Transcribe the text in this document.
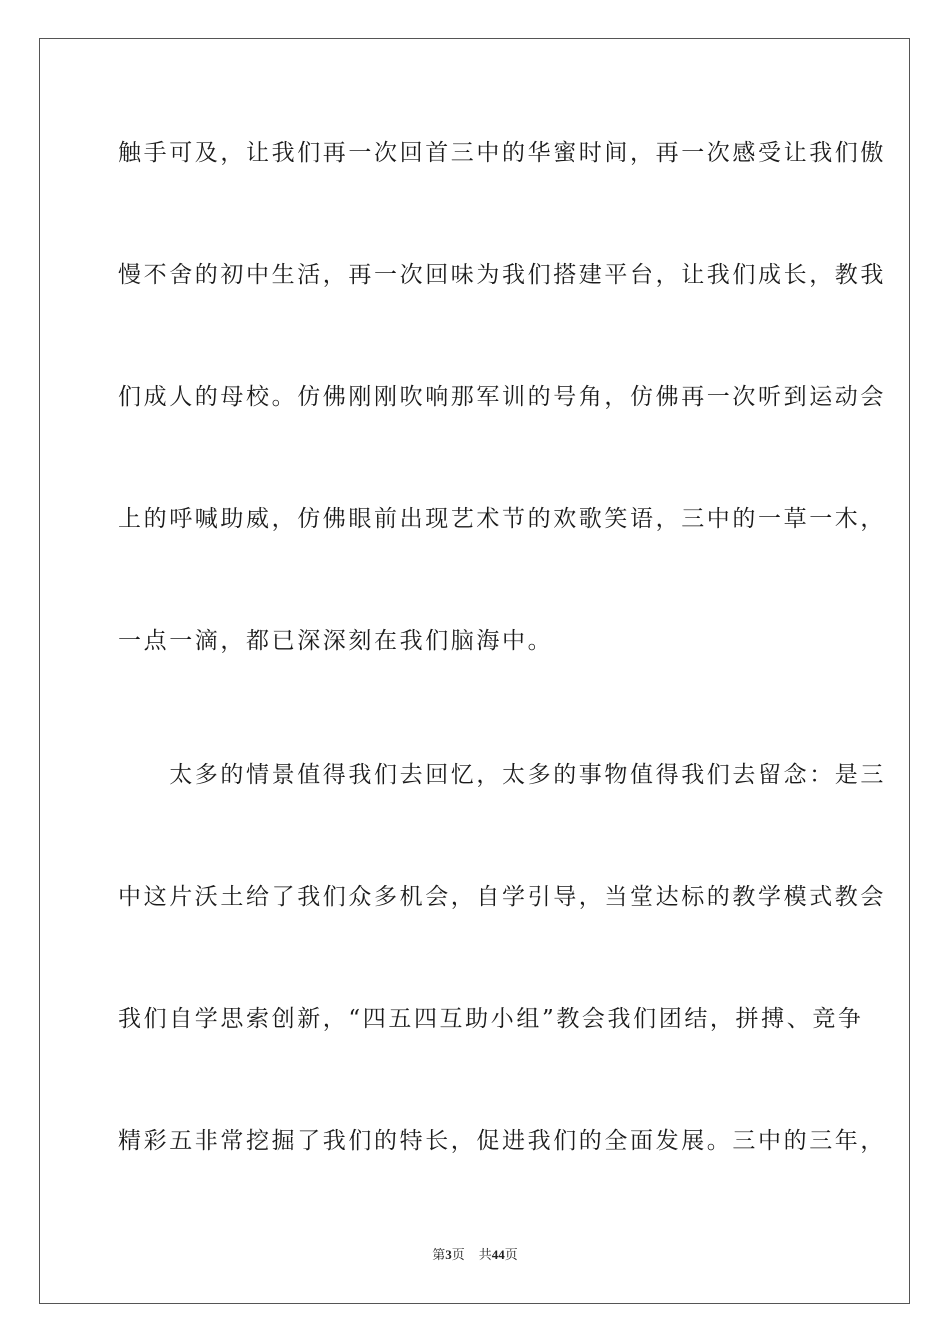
触手可及，让我们再一次回首三中的华蜜时间，再一次感受让我们傲

慢不舍的初中生活，再一次回味为我们搭建平台，让我们成长，教我

们成人的母校。仿佛刚刚吹响那军训的号角，仿佛再一次听到运动会

上的呼喊助威，仿佛眼前出现艺术节的欢歌笑语，三中的一草一木，

一点一滴，都已深深刻在我们脑海中。

　　太多的情景值得我们去回忆，太多的事物值得我们去留念：是三

中这片沃土给了我们众多机会，自学引导，当堂达标的教学模式教会

我们自学思索创新，“四五四互助小组”教会我们团结，拼搏、竞争

精彩五非常挖掘了我们的特长，促进我们的全面发展。三中的三年，

第3页 共44页
